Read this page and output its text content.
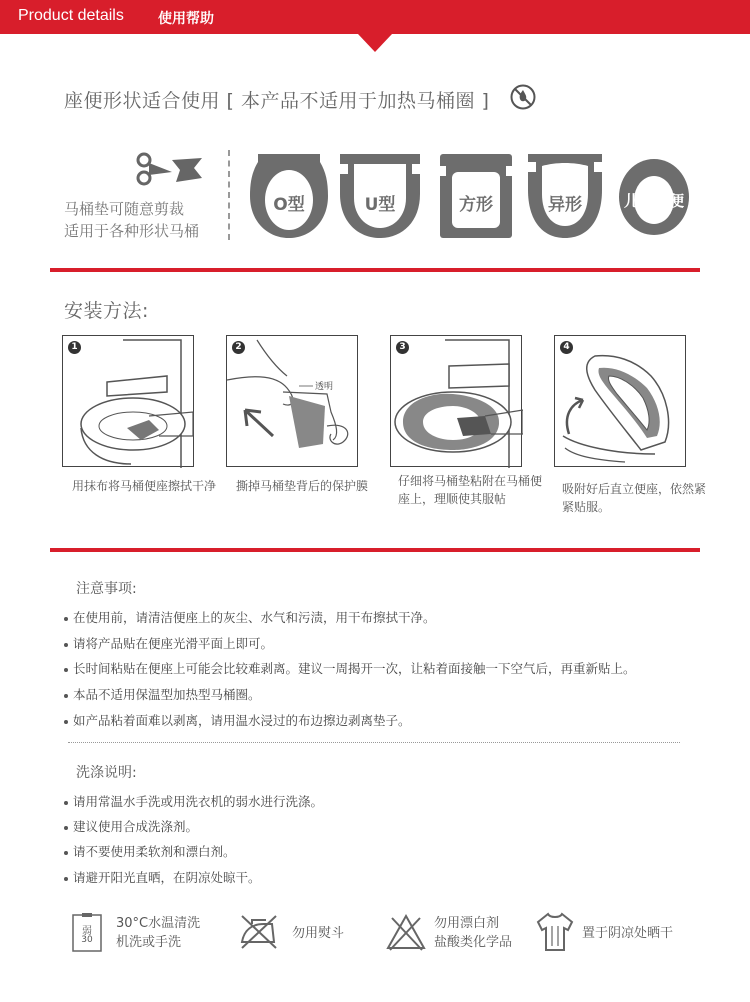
Product details 使用帮助
座便形状适合使用 [ 本产品不适用于加热马桶圈 ]
马桶垫可随意剪裁
适用于各种形状马桶
O型	U型	方形	异形	儿童坐便
安装方法:
1
用抹布将马桶便座擦拭干净
2
透明
撕掉马桶垫背后的保护膜
3
仔细将马桶垫粘附在马桶便座上，理顺使其服帖
4
吸附好后直立便座，依然紧紧贴服。
注意事项:
在使用前，请清洁便座上的灰尘、水气和污渍，用干布擦拭干净。
请将产品贴在便座光滑平面上即可。
长时间粘贴在便座上可能会比较难剥离。建议一周揭开一次，让粘着面接触一下空气后，再重新贴上。
本品不适用保温型加热型马桶圈。
如产品粘着面难以剥离，请用温水浸过的布边擦边剥离垫子。
洗涤说明:
请用常温水手洗或用洗衣机的弱水进行洗涤。
建议使用合成洗涤剂。
请不要使用柔软剂和漂白剂。
请避开阳光直晒，在阴凉处晾干。
弱
30
30°C水温清洗
机洗或手洗
勿用熨斗
勿用漂白剂
盐酸类化学品
置于阴凉处晒干
